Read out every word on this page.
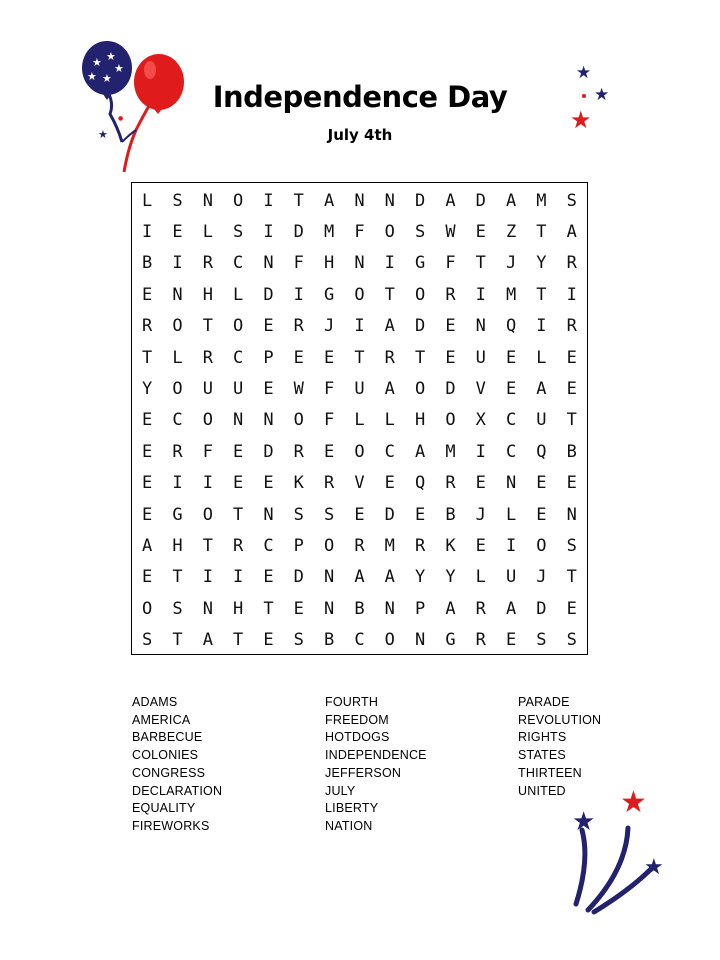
★ ★
★
★ ★
★
●
★
★
★
Independence Day
July 4th
L	S	N	O	I	T	A	N	N	D	A	D	A	M	S
I	E	L	S	I	D	M	F	O	S	W	E	Z	T	A
B	I	R	C	N	F	H	N	I	G	F	T	J	Y	R
E	N	H	L	D	I	G	O	T	O	R	I	M	T	I
R	O	T	O	E	R	J	I	A	D	E	N	Q	I	R
T	L	R	C	P	E	E	T	R	T	E	U	E	L	E
Y	O	U	U	E	W	F	U	A	O	D	V	E	A	E
E	C	O	N	N	O	F	L	L	H	O	X	C	U	T
E	R	F	E	D	R	E	O	C	A	M	I	C	Q	B
E	I	I	E	E	K	R	V	E	Q	R	E	N	E	E
E	G	O	T	N	S	S	E	D	E	B	J	L	E	N
A	H	T	R	C	P	O	R	M	R	K	E	I	O	S
E	T	I	I	E	D	N	A	A	Y	Y	L	U	J	T
O	S	N	H	T	E	N	B	N	P	A	R	A	D	E
S	T	A	T	E	S	B	C	O	N	G	R	E	S	S
ADAMS
AMERICA
BARBECUE
COLONIES
CONGRESS
DECLARATION
EQUALITY
FIREWORKS
FOURTH
FREEDOM
HOTDOGS
INDEPENDENCE
JEFFERSON
JULY
LIBERTY
NATION
PARADE
REVOLUTION
RIGHTS
STATES
THIRTEEN
UNITED
★
★
★
